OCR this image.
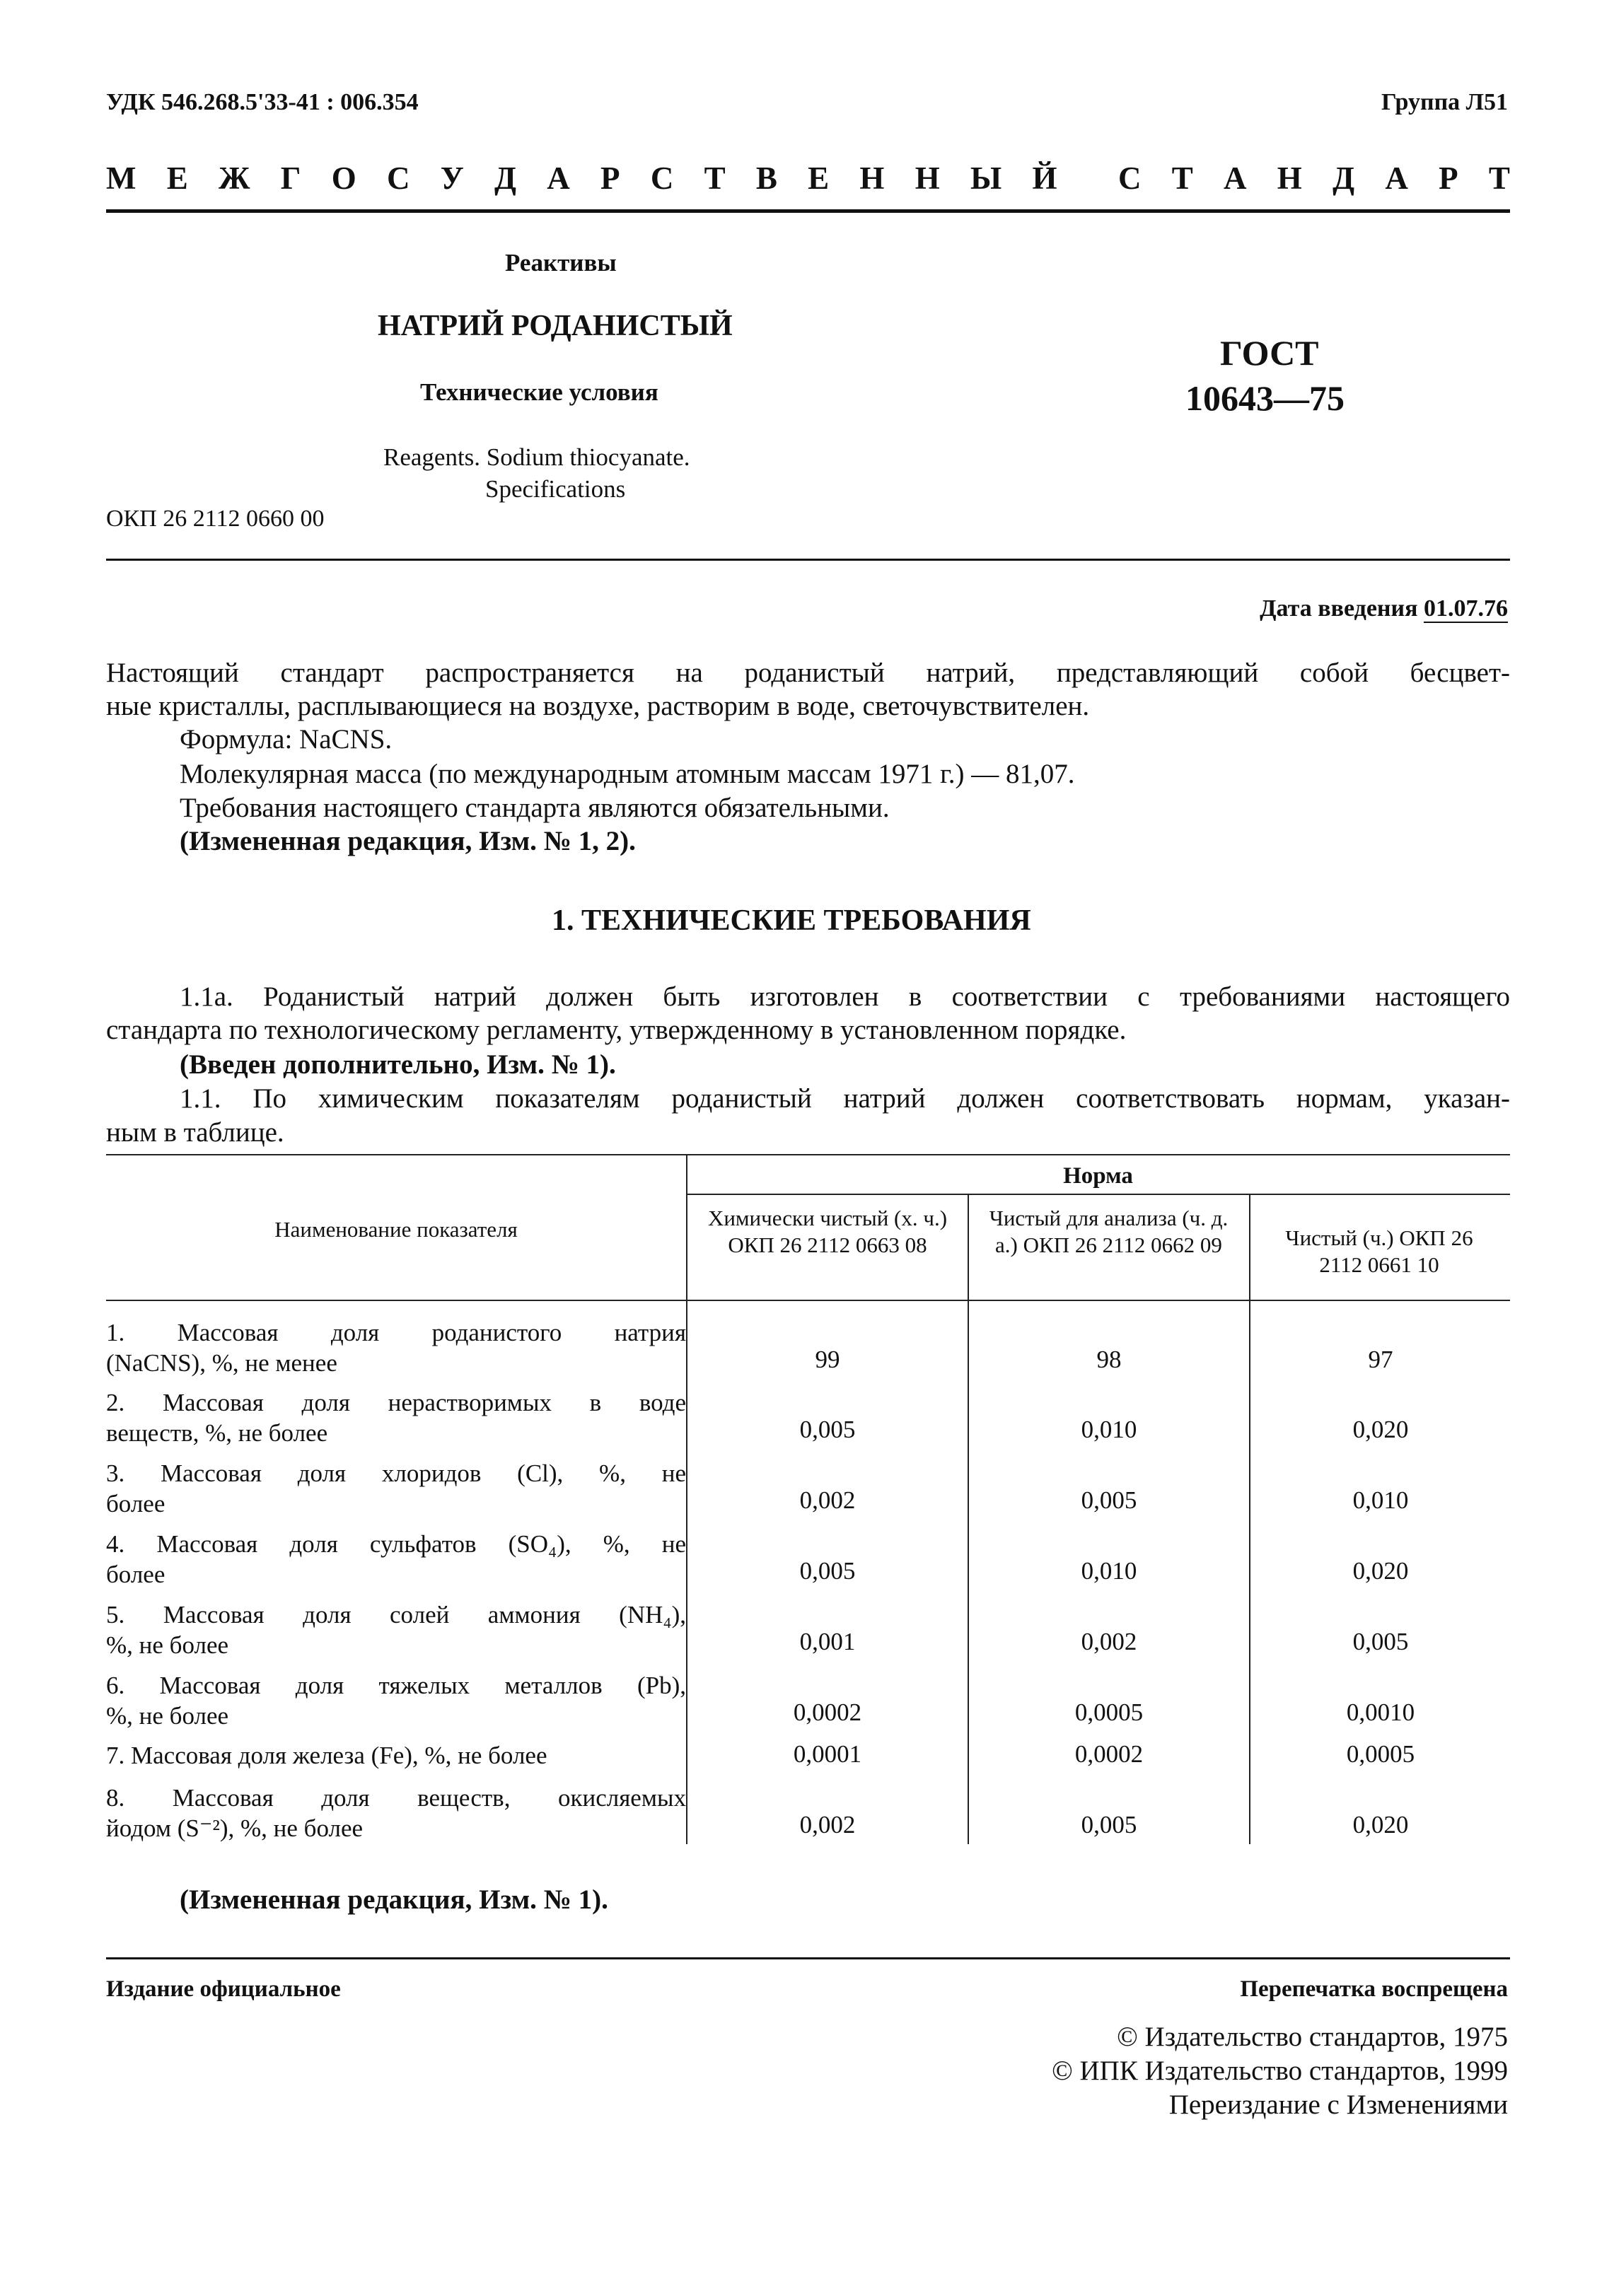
УДК 546.268.5'33-41 : 006.354	Группа Л51
М Е Ж Г О С У Д А Р С Т В Е Н Н Ы Й С Т А Н Д А Р Т
Реактивы
НАТРИЙ РОДАНИСТЫЙ
Технические условия
ГОСТ
10643—75
Reagents. Sodium thiocyanate.
Specifications
ОКП 26 2112 0660 00
Дата введения 01.07.76
Настоящий стандарт распространяется на роданистый натрий, представляющий собой бесцвет-
ные кристаллы, расплывающиеся на воздухе, растворим в воде, светочувствителен.
Формула: NaCNS.
Молекулярная масса (по международным атомным массам 1971 г.) — 81,07.
Требования настоящего стандарта являются обязательными.
(Измененная редакция, Изм. № 1, 2).
1. ТЕХНИЧЕСКИЕ ТРЕБОВАНИЯ
1.1а. Роданистый натрий должен быть изготовлен в соответствии с требованиями настоящего
стандарта по технологическому регламенту, утвержденному в установленном порядке.
(Введен дополнительно, Изм. № 1).
1.1. По химическим показателям роданистый натрий должен соответствовать нормам, указан-
ным в таблице.
Наименование показателя
Норма
Химически чистый (х. ч.) ОКП 26 2112 0663 08
Чистый для анализа (ч. д. а.) ОКП 26 2112 0662 09	Чистый (ч.) ОКП 26 2112 0661 10
1. Массовая доля роданистого натрия
(NaCNS), %, не менее	99	98	97
2. Массовая доля нерастворимых в воде
веществ, %, не более	0,005	0,010	0,020
3. Массовая доля хлоридов (Cl), %, не
более	0,002	0,005	0,010
4. Массовая доля сульфатов (SO₄), %, не
более	0,005	0,010	0,020
5. Массовая доля солей аммония (NH₄),
%, не более	0,001	0,002	0,005
6. Массовая доля тяжелых металлов (Pb),
%, не более	0,0002	0,0005	0,0010
7. Массовая доля железа (Fe), %, не более	0,0001	0,0002	0,0005
8. Массовая доля веществ, окисляемых
йодом (S⁻²), %, не более	0,002	0,005	0,020
(Измененная редакция, Изм. № 1).
Издание официальное	Перепечатка воспрещена
© Издательство стандартов, 1975
© ИПК Издательство стандартов, 1999
Переиздание с Изменениями
